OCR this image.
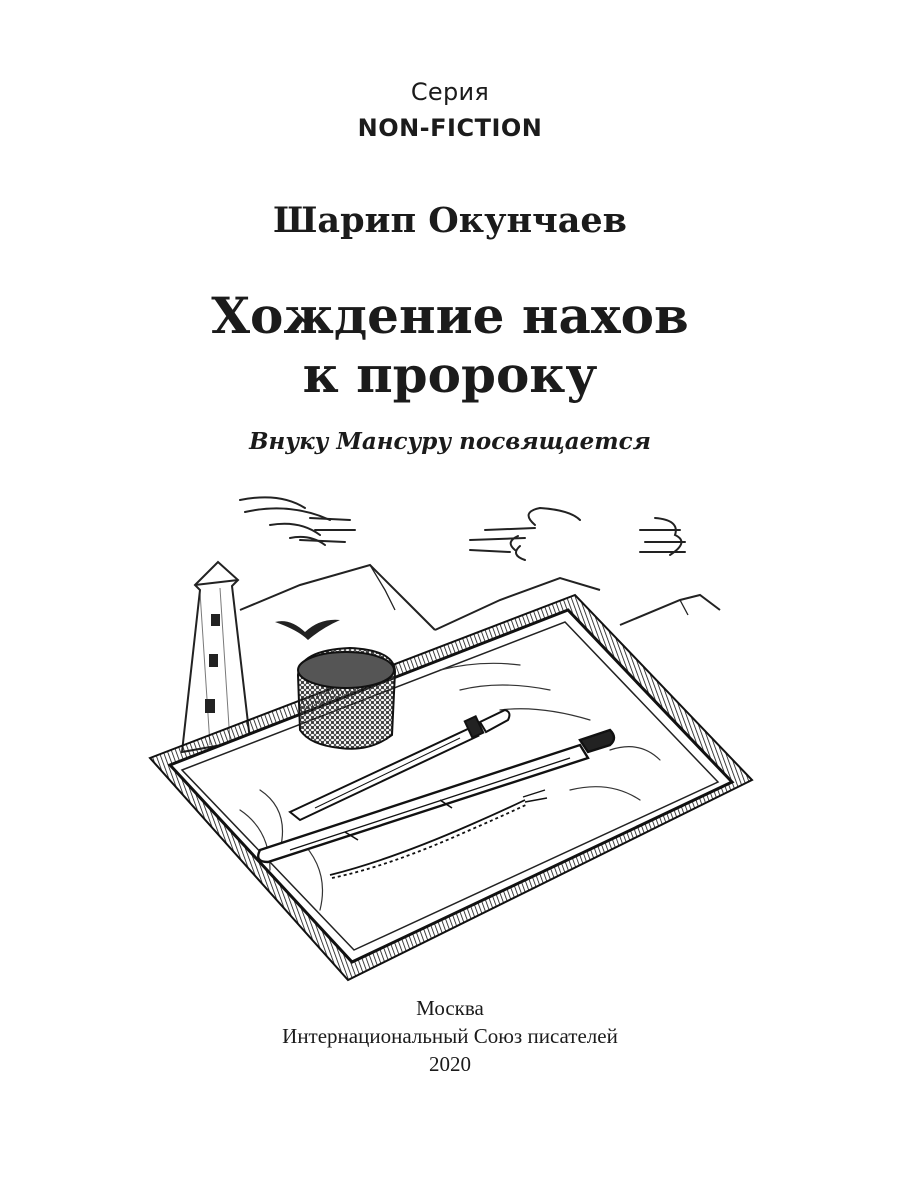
Серия
NON-FICTION
Шарип Окунчаев
Хождение нахов
к пророку
Внуку Мансуру посвящается
Москва
Интернациональный Союз писателей
2020
